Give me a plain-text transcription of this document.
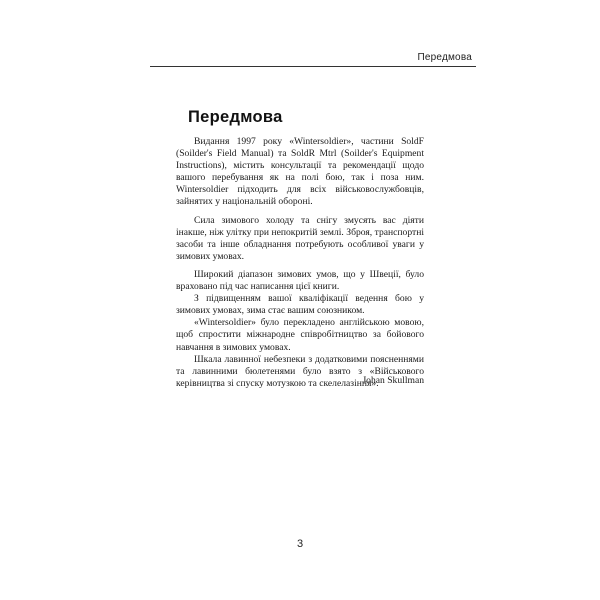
Передмова
Передмова

Видання 1997 року «Wintersoldier», частини SoldF (Soilder's Field Manual) та SoldR Mtrl (Soilder's Equipment Instructions), містить консультації та рекомендації щодо вашого перебування як на полі бою, так і поза ним. Wintersoldier підходить для всіх військовослужбовців, зайнятих у національній обороні.

Сила зимового холоду та снігу змусять вас діяти інакше, ніж улітку при непокритій землі. Зброя, транспортні засоби та інше обладнання потребують особливої уваги у зимових умовах.

Широкий діапазон зимових умов, що у Швеції, було враховано під час написання цієї книги.

З підвищенням вашої кваліфікації ведення бою у зимових умовах, зима стає вашим союзником.

«Wintersoldier» було перекладено англійською мовою, щоб спростити міжнародне співробітництво за бойового навчання в зимових умовах.

Шкала лавинної небезпеки з додатковими поясненнями та лавинними бюлетенями було взято з «Військового керівництва зі спуску мотузкою та скелелазіння».

Johan Skullman
3
